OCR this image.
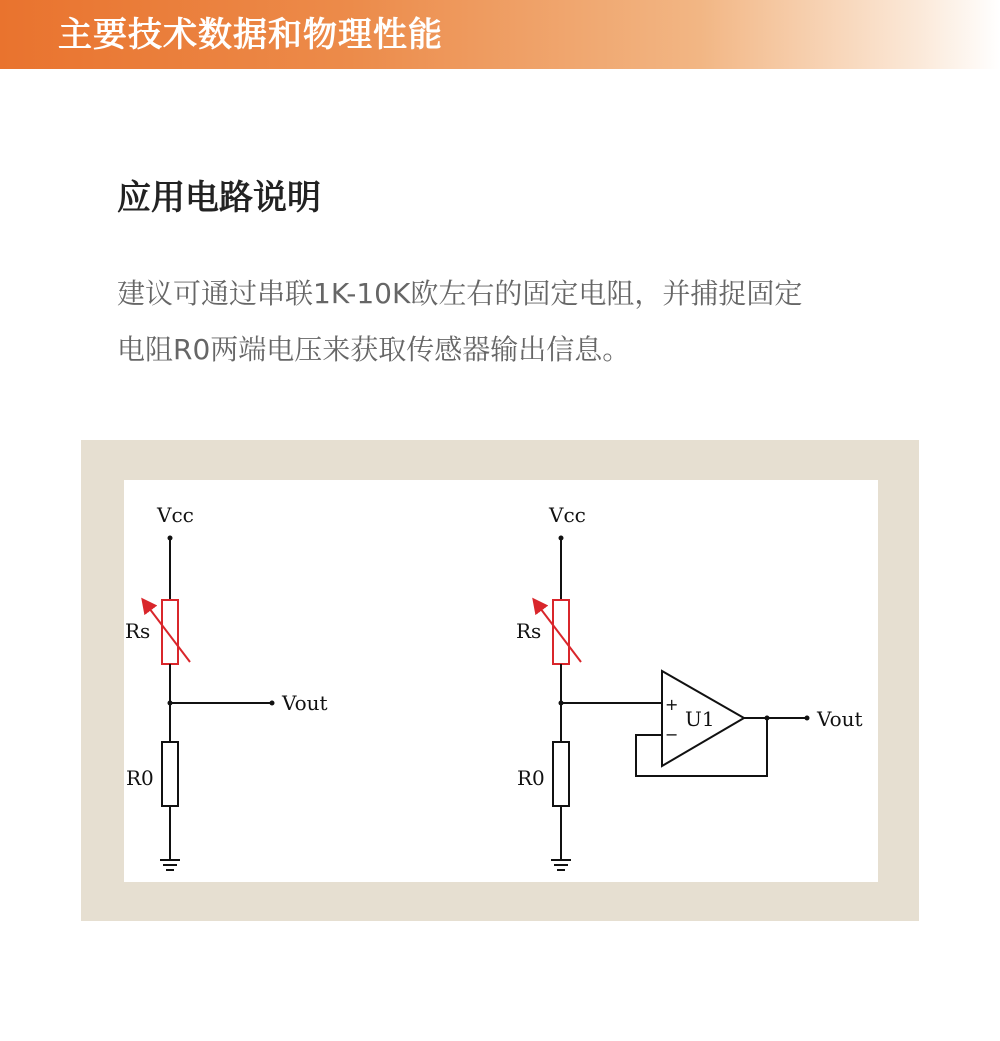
主要技术数据和物理性能
应用电路说明
建议可通过串联1K-10K欧左右的固定电阻，并捕捉固定
电阻R0两端电压来获取传感器输出信息。
Vcc
Rs
Vout
R0
Vcc
Rs
+
−
U1	Vout
R0
